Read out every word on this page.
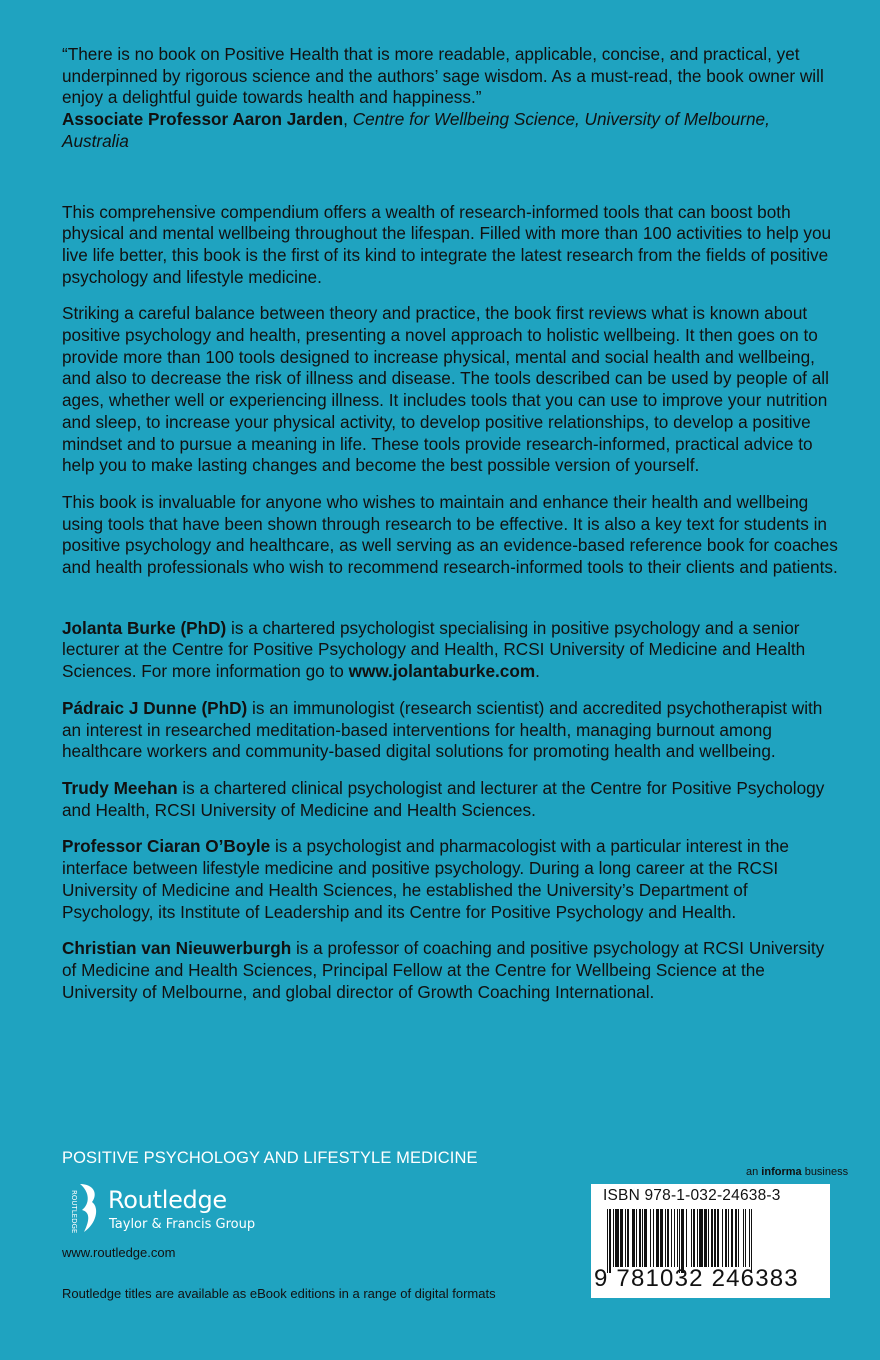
“There is no book on Positive Health that is more readable, applicable, concise, and practical, yet underpinned by rigorous science and the authors’ sage wisdom. As a must-read, the book owner will enjoy a delightful guide towards health and happiness.”
Associate Professor Aaron Jarden, Centre for Wellbeing Science, University of Melbourne, Australia

This comprehensive compendium offers a wealth of research-informed tools that can boost both physical and mental wellbeing throughout the lifespan. Filled with more than 100 activities to help you live life better, this book is the first of its kind to integrate the latest research from the fields of positive psychology and lifestyle medicine.

Striking a careful balance between theory and practice, the book first reviews what is known about positive psychology and health, presenting a novel approach to holistic wellbeing. It then goes on to provide more than 100 tools designed to increase physical, mental and social health and wellbeing, and also to decrease the risk of illness and disease. The tools described can be used by people of all ages, whether well or experiencing illness. It includes tools that you can use to improve your nutrition and sleep, to increase your physical activity, to develop positive relationships, to develop a positive mindset and to pursue a meaning in life. These tools provide research-informed, practical advice to help you to make lasting changes and become the best possible version of yourself.

This book is invaluable for anyone who wishes to maintain and enhance their health and wellbeing using tools that have been shown through research to be effective. It is also a key text for students in positive psychology and healthcare, as well serving as an evidence-based reference book for coaches and health professionals who wish to recommend research-informed tools to their clients and patients.

Jolanta Burke (PhD) is a chartered psychologist specialising in positive psychology and a senior lecturer at the Centre for Positive Psychology and Health, RCSI University of Medicine and Health Sciences. For more information go to www.jolantaburke.com.

Pádraic J Dunne (PhD) is an immunologist (research scientist) and accredited psychotherapist with an interest in researched meditation-based interventions for health, managing burnout among healthcare workers and community-based digital solutions for promoting health and wellbeing.

Trudy Meehan is a chartered clinical psychologist and lecturer at the Centre for Positive Psychology and Health, RCSI University of Medicine and Health Sciences.

Professor Ciaran O’Boyle is a psychologist and pharmacologist with a particular interest in the interface between lifestyle medicine and positive psychology. During a long career at the RCSI University of Medicine and Health Sciences, he established the University’s Department of Psychology, its Institute of Leadership and its Centre for Positive Psychology and Health.

Christian van Nieuwerburgh is a professor of coaching and positive psychology at RCSI University of Medicine and Health Sciences, Principal Fellow at the Centre for Wellbeing Science at the University of Melbourne, and global director of Growth Coaching International.

POSITIVE PSYCHOLOGY AND LIFESTYLE MEDICINE
ROUTLEDGE Routledge
Taylor & Francis Group
www.routledge.com
Routledge titles are available as eBook editions in a range of digital formats
an informa business
ISBN 978-1-032-24638-3
9 781032 246383
